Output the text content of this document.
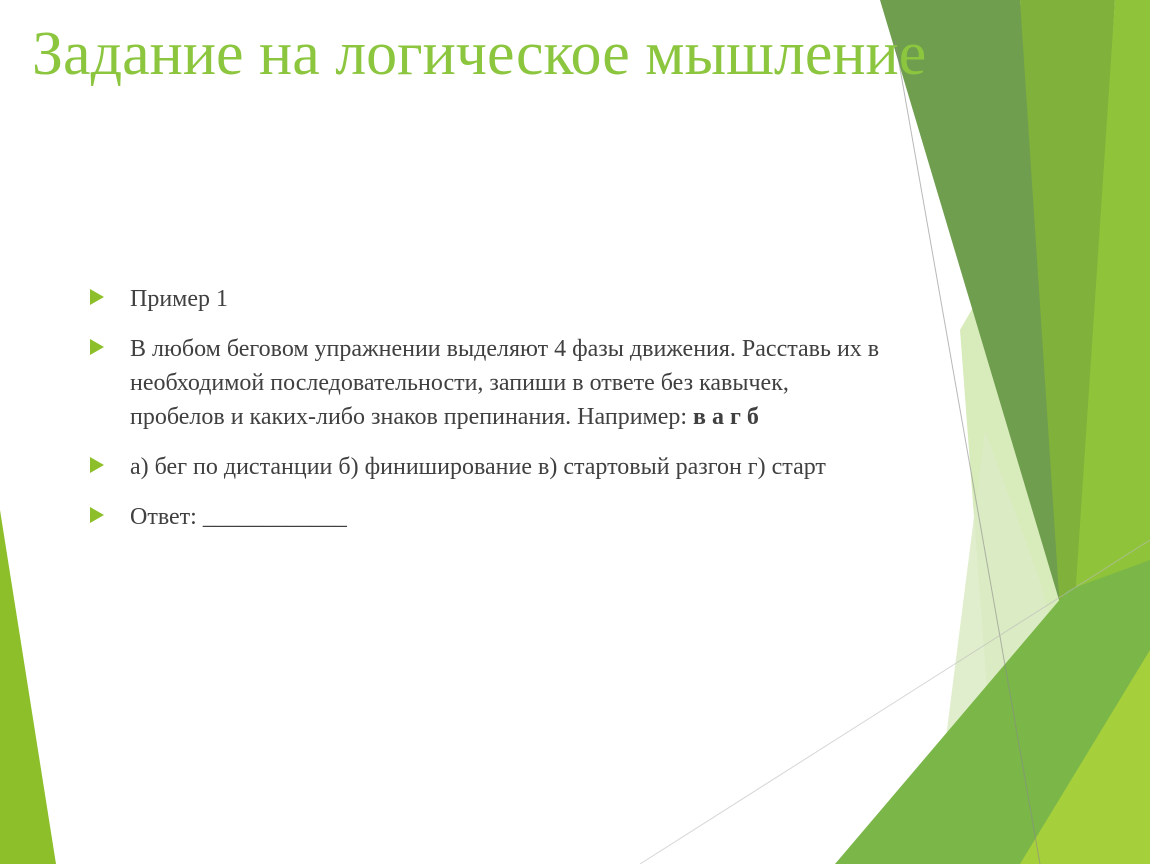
Задание на логическое мышление
Пример 1
В любом беговом упражнении выделяют 4 фазы движения. Расставь их в необходимой последовательности, запиши в ответе без кавычек, пробелов и каких-либо знаков препинания. Например: в а г б
а) бег по дистанции б) финиширование в) стартовый разгон г) старт
Ответ: ____________
